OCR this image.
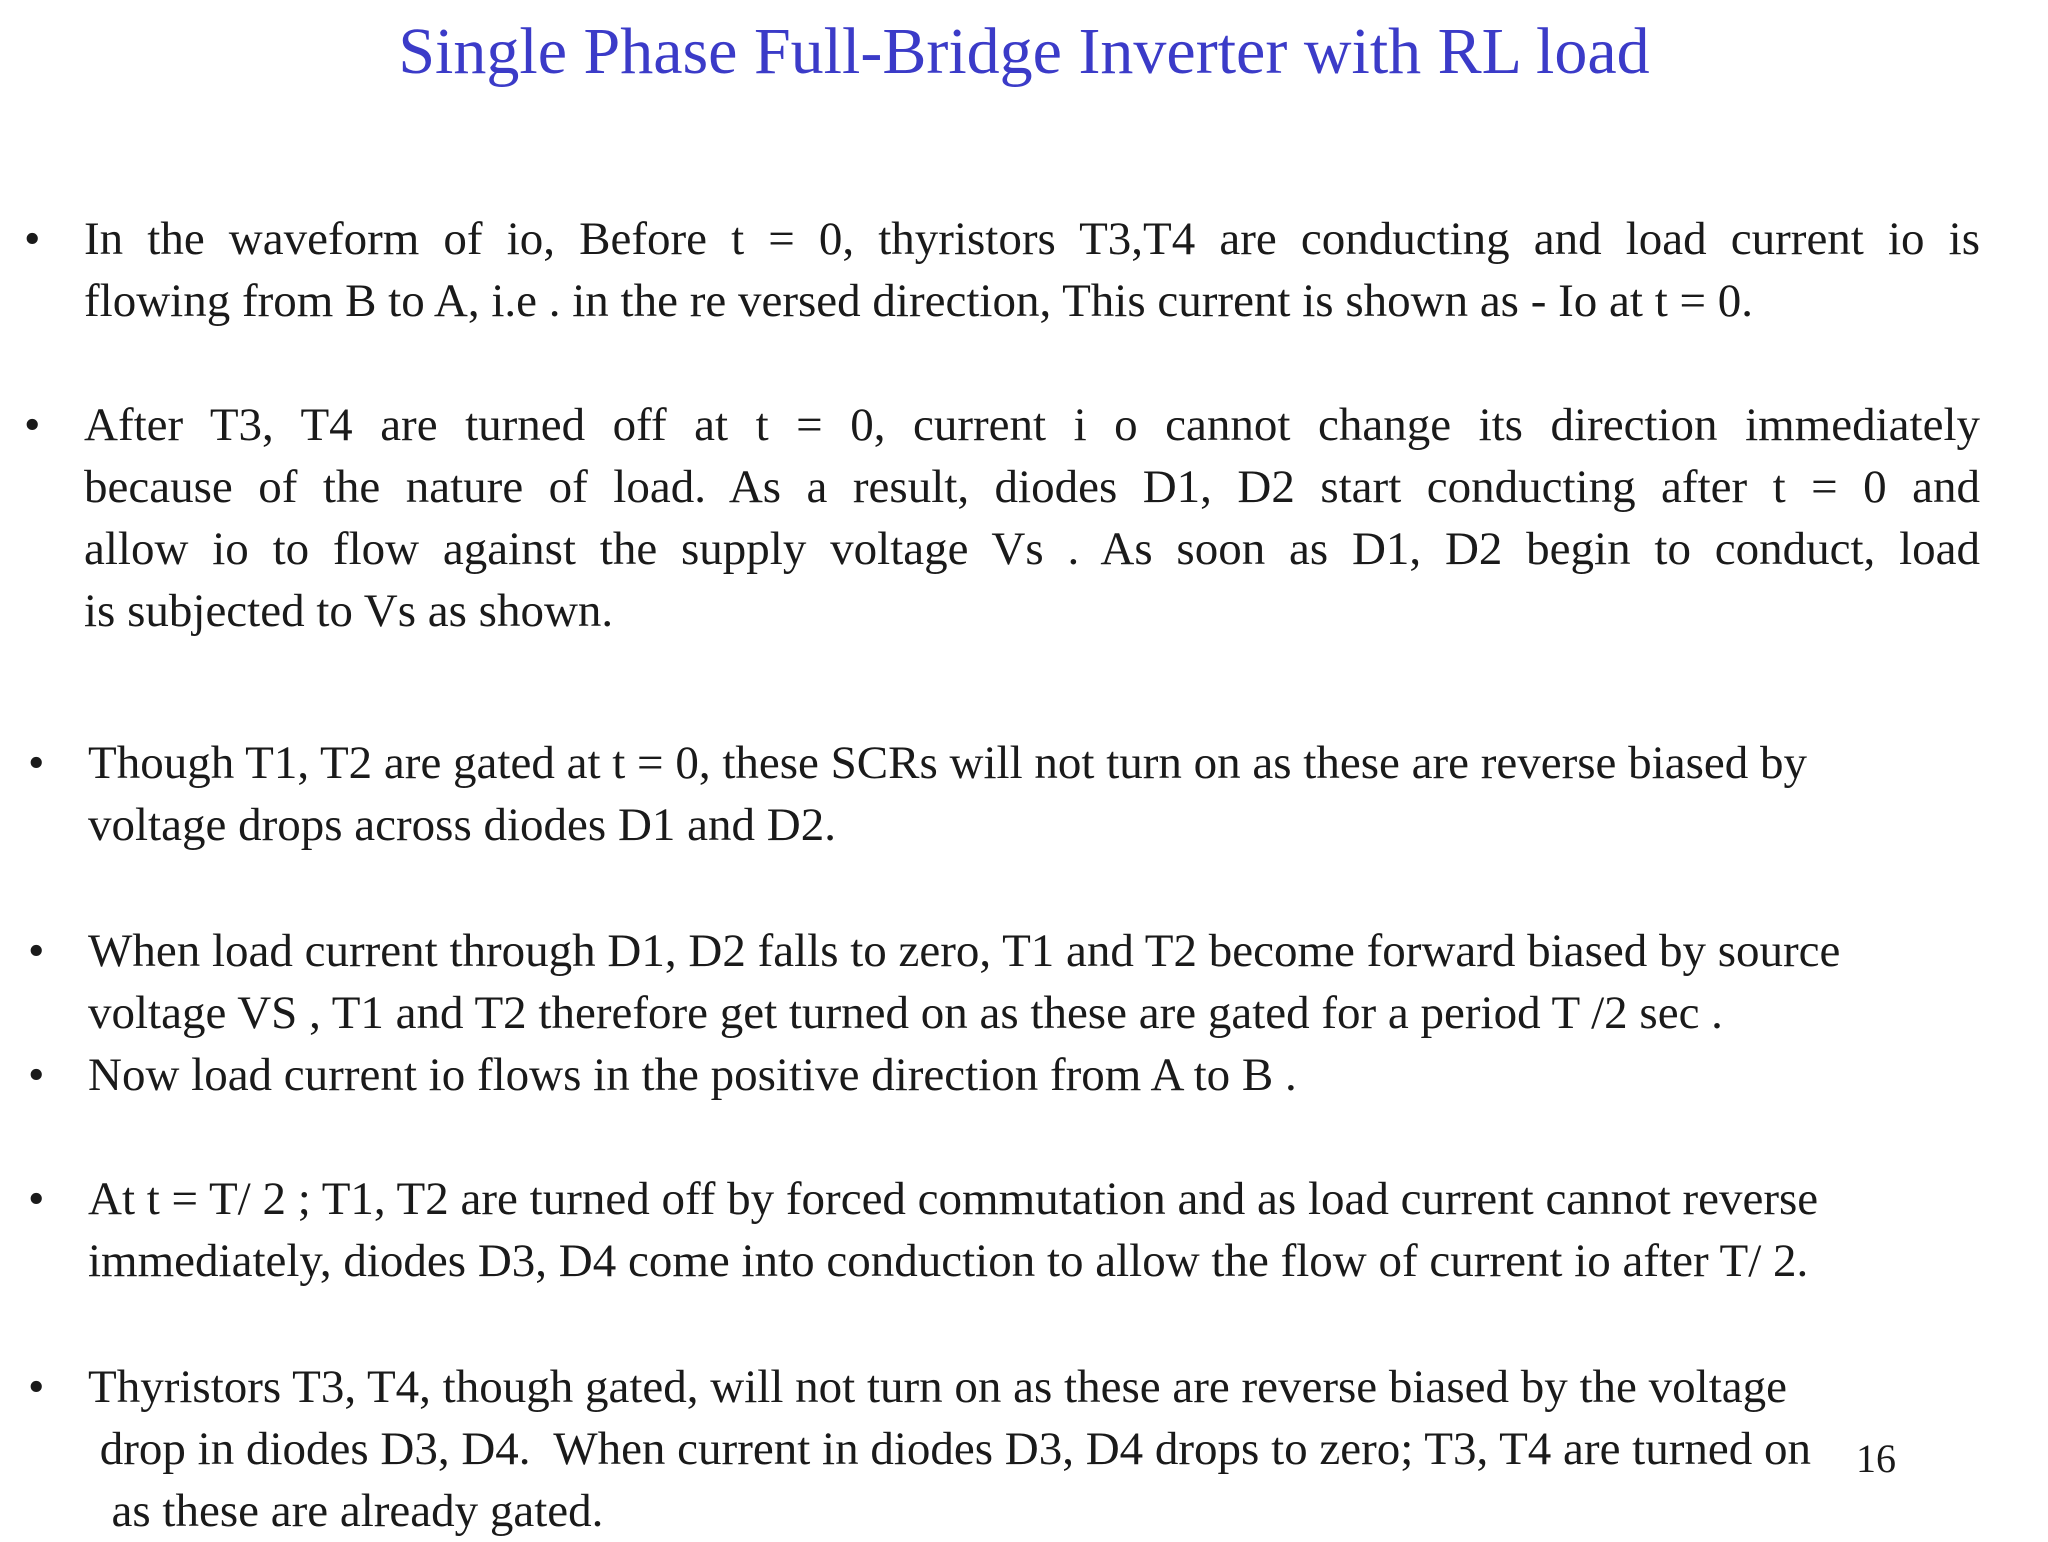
Single Phase Full-Bridge Inverter with RL load
• In the waveform of io, Before t = 0, thyristors T3,T4 are conducting and load current io is
flowing from B to A, i.e . in the re versed direction, This current is shown as - Io at t = 0.
• After T3, T4 are turned off at t = 0, current i o cannot change its direction immediately
because of the nature of load. As a result, diodes D1, D2 start conducting after t = 0 and
allow io to flow against the supply voltage Vs . As soon as D1, D2 begin to conduct, load
is subjected to Vs as shown.
• Though T1, T2 are gated at t = 0, these SCRs will not turn on as these are reverse biased by
voltage drops across diodes D1 and D2.
• When load current through D1, D2 falls to zero, T1 and T2 become forward biased by source
voltage VS , T1 and T2 therefore get turned on as these are gated for a period T /2 sec .
• Now load current io flows in the positive direction from A to B .
• At t = T/ 2 ; T1, T2 are turned off by forced commutation and as load current cannot reverse
immediately, diodes D3, D4 come into conduction to allow the flow of current io after T/ 2.
• Thyristors T3, T4, though gated, will not turn on as these are reverse biased by the voltage
drop in diodes D3, D4.  When current in diodes D3, D4 drops to zero; T3, T4 are turned on
as these are already gated.
16
